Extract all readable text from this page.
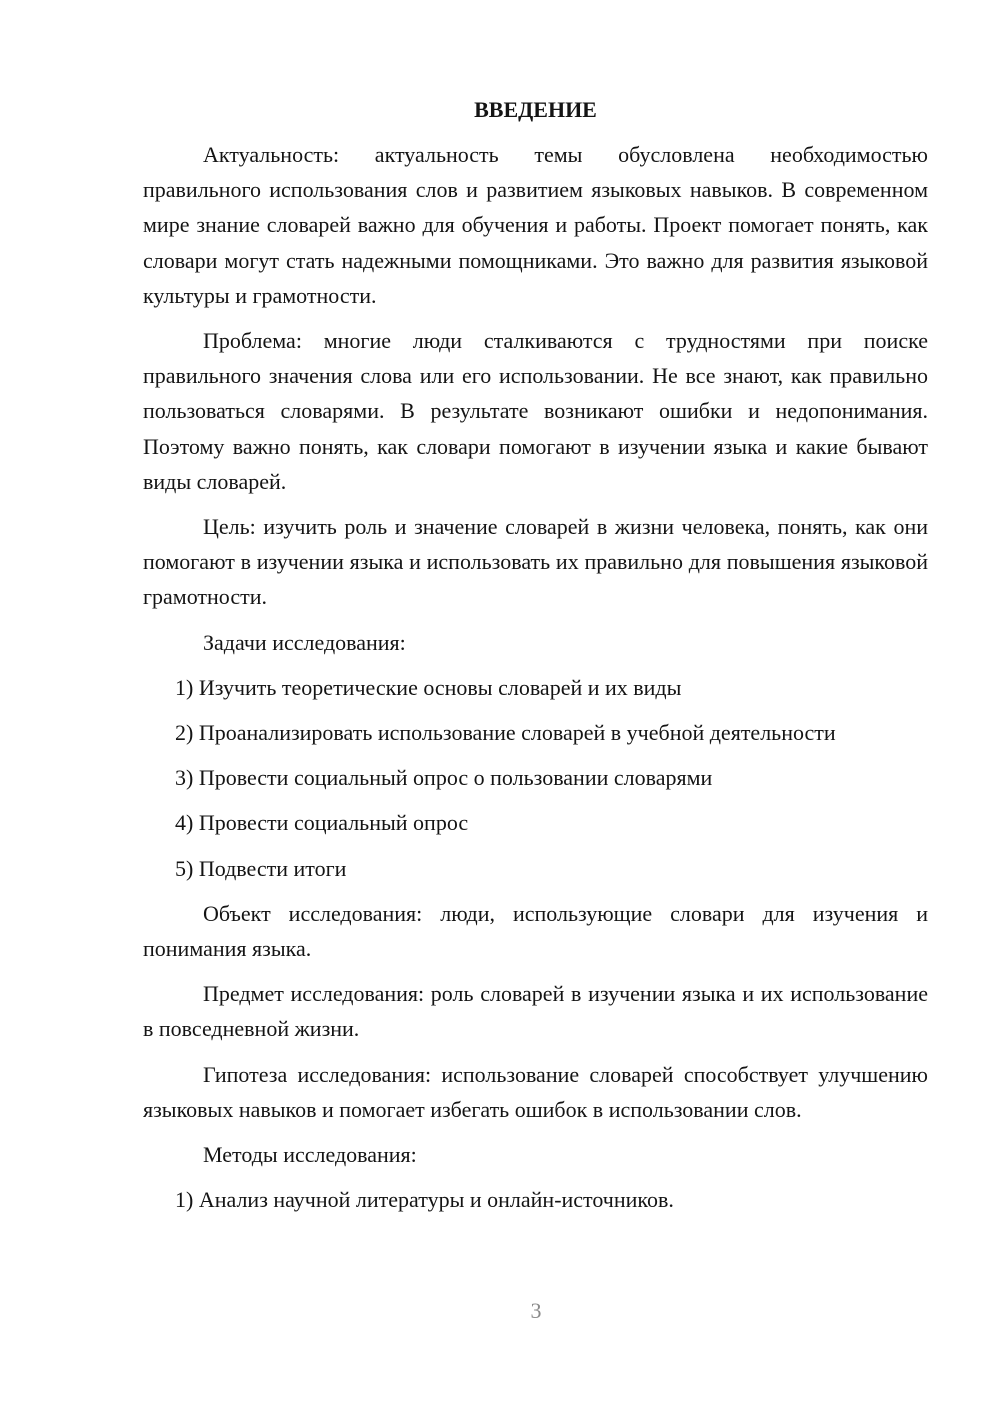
ВВЕДЕНИЕ

Актуальность: актуальность темы обусловлена необходимостью правильного использования слов и развитием языковых навыков. В современном мире знание словарей важно для обучения и работы. Проект помогает понять, как словари могут стать надежными помощниками. Это важно для развития языковой культуры и грамотности.

Проблема: многие люди сталкиваются с трудностями при поиске правильного значения слова или его использовании. Не все знают, как правильно пользоваться словарями. В результате возникают ошибки и недопонимания. Поэтому важно понять, как словари помогают в изучении языка и какие бывают виды словарей.

Цель: изучить роль и значение словарей в жизни человека, понять, как они помогают в изучении языка и использовать их правильно для повышения языковой грамотности.

Задачи исследования:

1) Изучить теоретические основы словарей и их виды
2) Проанализировать использование словарей в учебной деятельности
3) Провести социальный опрос о пользовании словарями
4) Провести социальный опрос
5) Подвести итоги

Объект исследования: люди, использующие словари для изучения и понимания языка.

Предмет исследования: роль словарей в изучении языка и их использование в повседневной жизни.

Гипотеза исследования: использование словарей способствует улучшению языковых навыков и помогает избегать ошибок в использовании слов.

Методы исследования:

1) Анализ научной литературы и онлайн-источников.
3
